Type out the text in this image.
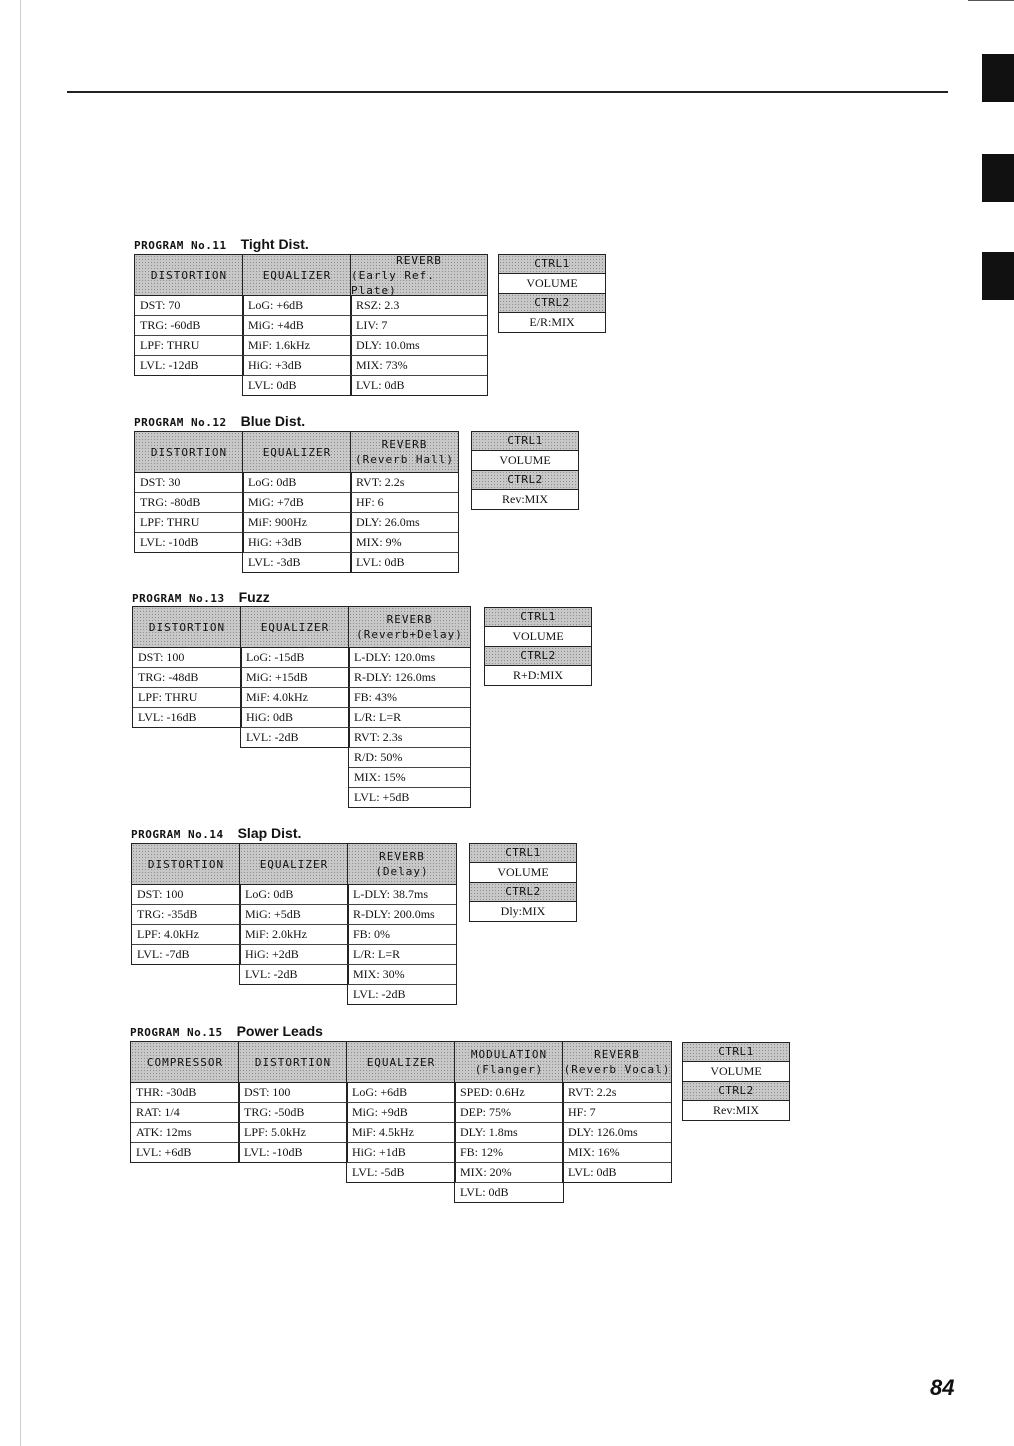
PROGRAM No.11 Tight Dist.
DISTORTION
DST: 70
TRG: -60dB
LPF: THRU
LVL: -12dB
EQUALIZER
LoG: +6dB
MiG: +4dB
MiF: 1.6kHz
HiG: +3dB
LVL: 0dB
REVERB
(Early Ref. Plate)
RSZ: 2.3
LIV: 7
DLY: 10.0ms
MIX: 73%
LVL: 0dB
CTRL1
VOLUME
CTRL2
E/R:MIX
PROGRAM No.12 Blue Dist.
DISTORTION
DST: 30
TRG: -80dB
LPF: THRU
LVL: -10dB
EQUALIZER
LoG: 0dB
MiG: +7dB
MiF: 900Hz
HiG: +3dB
LVL: -3dB
REVERB
(Reverb Hall)
RVT: 2.2s
HF: 6
DLY: 26.0ms
MIX: 9%
LVL: 0dB
CTRL1
VOLUME
CTRL2
Rev:MIX
PROGRAM No.13 Fuzz
DISTORTION
DST: 100
TRG: -48dB
LPF: THRU
LVL: -16dB
EQUALIZER
LoG: -15dB
MiG: +15dB
MiF: 4.0kHz
HiG: 0dB
LVL: -2dB
REVERB
(Reverb+Delay)
L-DLY: 120.0ms
R-DLY: 126.0ms
FB: 43%
L/R: L=R
RVT: 2.3s
R/D: 50%
MIX: 15%
LVL: +5dB
CTRL1
VOLUME
CTRL2
R+D:MIX
PROGRAM No.14 Slap Dist.
DISTORTION
DST: 100
TRG: -35dB
LPF: 4.0kHz
LVL: -7dB
EQUALIZER
LoG: 0dB
MiG: +5dB
MiF: 2.0kHz
HiG: +2dB
LVL: -2dB
REVERB
(Delay)
L-DLY: 38.7ms
R-DLY: 200.0ms
FB: 0%
L/R: L=R
MIX: 30%
LVL: -2dB
CTRL1
VOLUME
CTRL2
Dly:MIX
PROGRAM No.15 Power Leads
COMPRESSOR
THR: -30dB
RAT: 1/4
ATK: 12ms
LVL: +6dB
DISTORTION
DST: 100
TRG: -50dB
LPF: 5.0kHz
LVL: -10dB
EQUALIZER
LoG: +6dB
MiG: +9dB
MiF: 4.5kHz
HiG: +1dB
LVL: -5dB
MODULATION
(Flanger)
SPED: 0.6Hz
DEP: 75%
DLY: 1.8ms
FB: 12%
MIX: 20%
LVL: 0dB
REVERB
(Reverb Vocal)
RVT: 2.2s
HF: 7
DLY: 126.0ms
MIX: 16%
LVL: 0dB
CTRL1
VOLUME
CTRL2
Rev:MIX
84
